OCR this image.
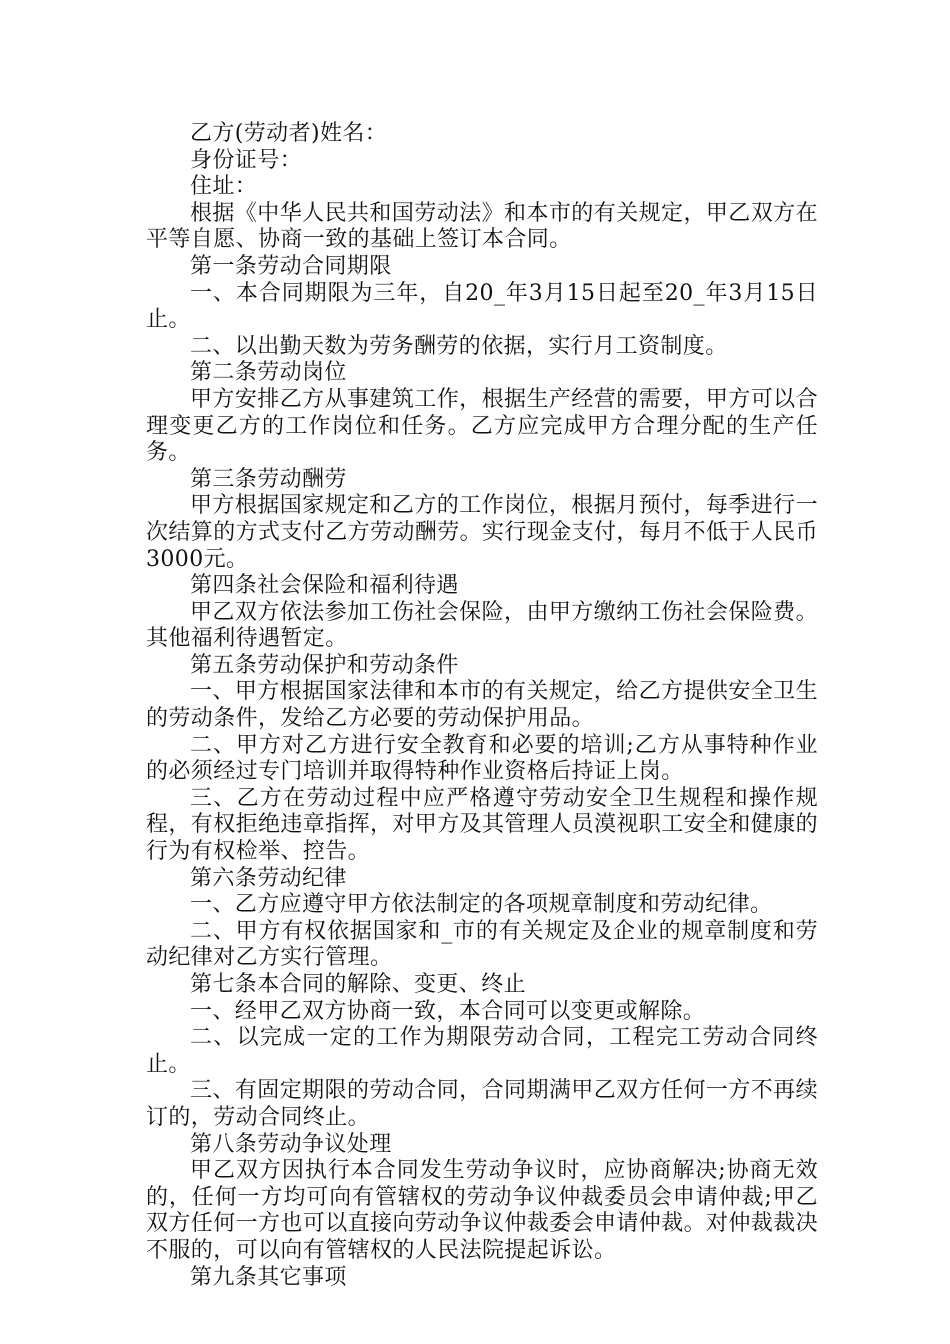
乙方(劳动者)姓名：

身份证号：

住址：

根据《中华人民共和国劳动法》和本市的有关规定，甲乙双方在平等自愿、协商一致的基础上签订本合同。

第一条劳动合同期限

一、本合同期限为三年，自20_年3月15日起至20_年3月15日止。

二、以出勤天数为劳务酬劳的依据，实行月工资制度。

第二条劳动岗位

甲方安排乙方从事建筑工作，根据生产经营的需要，甲方可以合理变更乙方的工作岗位和任务。乙方应完成甲方合理分配的生产任务。

第三条劳动酬劳

甲方根据国家规定和乙方的工作岗位，根据月预付，每季进行一次结算的方式支付乙方劳动酬劳。实行现金支付，每月不低于人民币3000元。

第四条社会保险和福利待遇

甲乙双方依法参加工伤社会保险，由甲方缴纳工伤社会保险费。其他福利待遇暂定。

第五条劳动保护和劳动条件

一、甲方根据国家法律和本市的有关规定，给乙方提供安全卫生的劳动条件，发给乙方必要的劳动保护用品。

二、甲方对乙方进行安全教育和必要的培训;乙方从事特种作业的必须经过专门培训并取得特种作业资格后持证上岗。

三、乙方在劳动过程中应严格遵守劳动安全卫生规程和操作规程，有权拒绝违章指挥，对甲方及其管理人员漠视职工安全和健康的行为有权检举、控告。

第六条劳动纪律

一、乙方应遵守甲方依法制定的各项规章制度和劳动纪律。

二、甲方有权依据国家和_市的有关规定及企业的规章制度和劳动纪律对乙方实行管理。

第七条本合同的解除、变更、终止

一、经甲乙双方协商一致，本合同可以变更或解除。

二、以完成一定的工作为期限劳动合同，工程完工劳动合同终止。

三、有固定期限的劳动合同，合同期满甲乙双方任何一方不再续订的，劳动合同终止。

第八条劳动争议处理

甲乙双方因执行本合同发生劳动争议时，应协商解决;协商无效的，任何一方均可向有管辖权的劳动争议仲裁委员会申请仲裁;甲乙双方任何一方也可以直接向劳动争议仲裁委会申请仲裁。对仲裁裁决不服的，可以向有管辖权的人民法院提起诉讼。

第九条其它事项
